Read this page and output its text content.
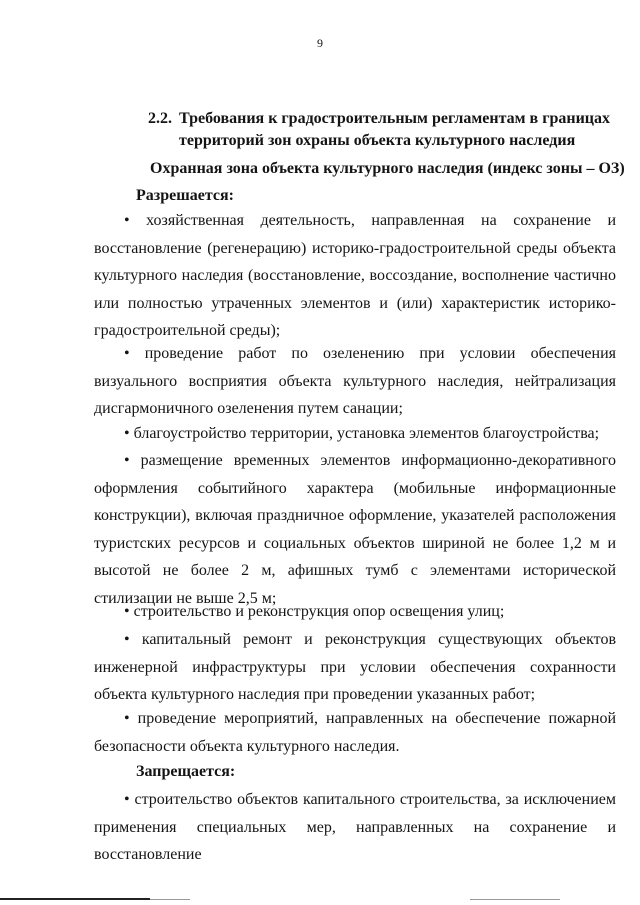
9
2.2. Требования к градостроительным регламентам в границах территорий зон охраны объекта культурного наследия
Охранная зона объекта культурного наследия (индекс зоны – ОЗ)
Разрешается:
• хозяйственная деятельность, направленная на сохранение и восстановление (регенерацию) историко-градостроительной среды объекта культурного наследия (восстановление, воссоздание, восполнение частично или полностью утраченных элементов и (или) характеристик историко-градостроительной среды);
• проведение работ по озеленению при условии обеспечения визуального восприятия объекта культурного наследия, нейтрализация дисгармоничного озеленения путем санации;
• благоустройство территории, установка элементов благоустройства;
• размещение временных элементов информационно-декоративного оформления событийного характера (мобильные информационные конструкции), включая праздничное оформление, указателей расположения туристских ресурсов и социальных объектов шириной не более 1,2 м и высотой не более 2 м, афишных тумб с элементами исторической стилизации не выше 2,5 м;
• строительство и реконструкция опор освещения улиц;
• капитальный ремонт и реконструкция существующих объектов инженерной инфраструктуры при условии обеспечения сохранности объекта культурного наследия при проведении указанных работ;
• проведение мероприятий, направленных на обеспечение пожарной безопасности объекта культурного наследия.
Запрещается:
• строительство объектов капитального строительства, за исключением применения специальных мер, направленных на сохранение и восстановление
